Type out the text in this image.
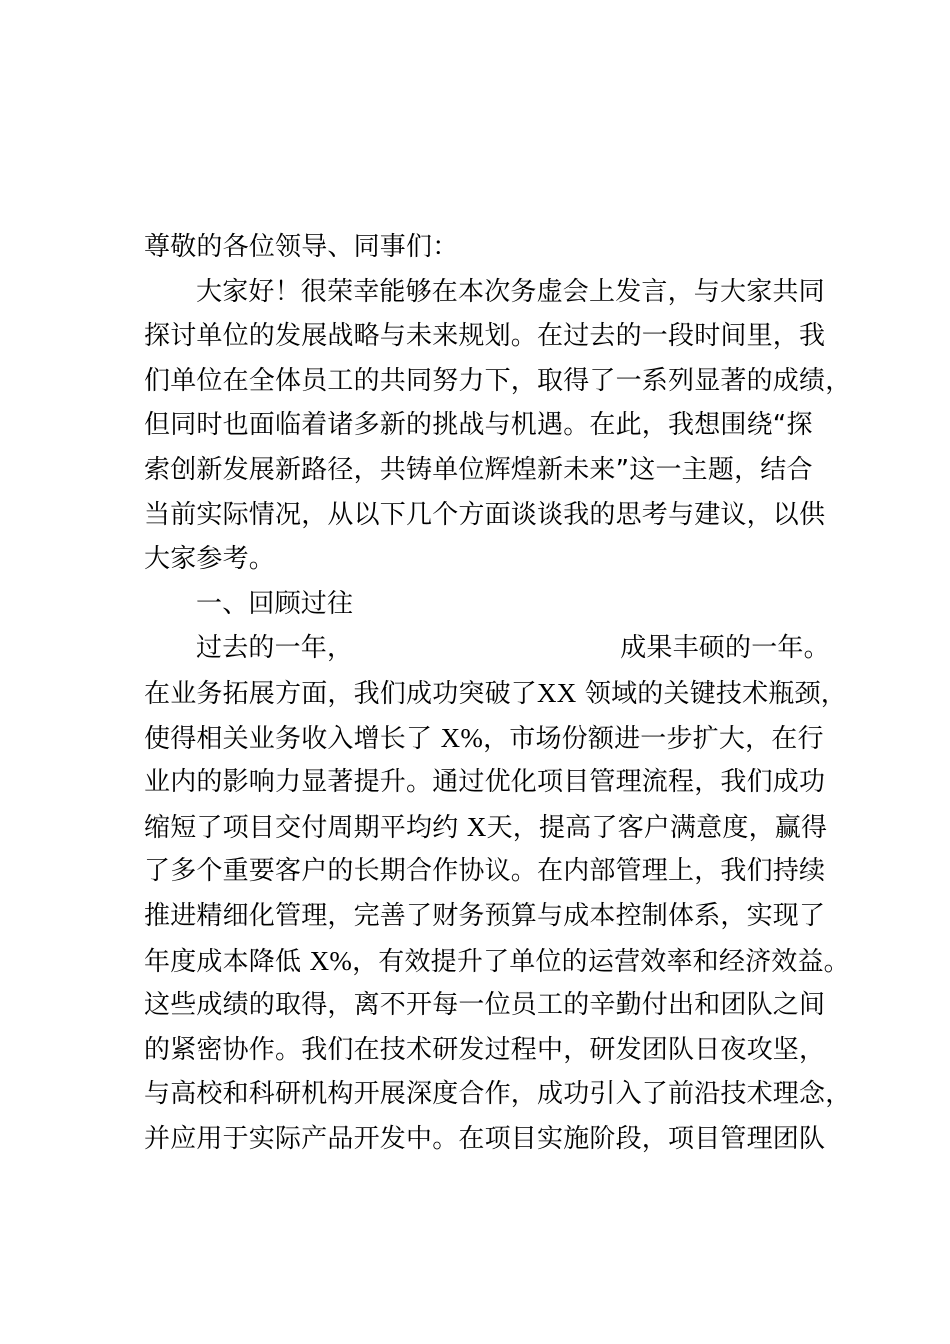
尊敬的各位领导、同事们：
大家好！很荣幸能够在本次务虚会上发言，与大家共同
探讨单位的发展战略与未来规划。在过去的一段时间里，我
们单位在全体员工的共同努力下，取得了一系列显著的成绩，
但同时也面临着诸多新的挑战与机遇。在此，我想围绕“探
索创新发展新路径，共铸单位辉煌新未来”这一主题，结合
当前实际情况，从以下几个方面谈谈我的思考与建议，以供
大家参考。
一、回顾过往
过去的一年，	成果丰硕的一年。
在业务拓展方面，我们成功突破了XX 领域的关键技术瓶颈，
使得相关业务收入增长了 X%，市场份额进一步扩大，在行
业内的影响力显著提升。通过优化项目管理流程，我们成功
缩短了项目交付周期平均约 X天，提高了客户满意度，赢得
了多个重要客户的长期合作协议。在内部管理上，我们持续
推进精细化管理，完善了财务预算与成本控制体系，实现了
年度成本降低 X%，有效提升了单位的运营效率和经济效益。
这些成绩的取得，离不开每一位员工的辛勤付出和团队之间
的紧密协作。我们在技术研发过程中，研发团队日夜攻坚，
与高校和科研机构开展深度合作，成功引入了前沿技术理念，
并应用于实际产品开发中。在项目实施阶段，项目管理团队
